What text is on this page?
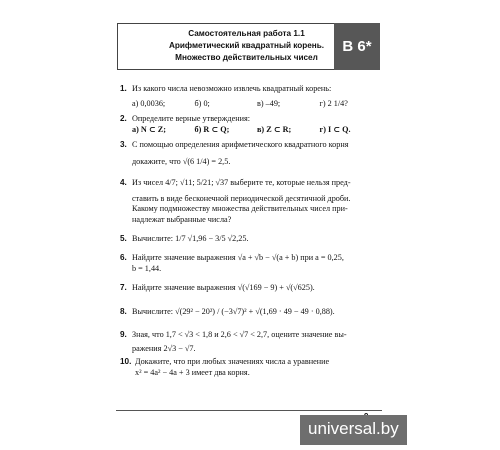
Самостоятельная работа 1.1
Арифметический квадратный корень.
Множество действительных чисел
В 6*
1. Из какого числа невозможно извлечь квадратный корень:
а) 0,0036;	б) 0;	в) –49;	г) 2 1/4?
2. Определите верные утверждения:
а) N ⊂ Z;	б) R ⊂ Q;	в) Z ⊂ R;	г) I ⊂ Q.
3. С помощью определения арифметического квадратного корня
докажите, что √(6 1/4) = 2,5.
4. Из чисел 4/7; √11; 5/21; √37 выберите те, которые нельзя пред-
ставить в виде бесконечной периодической десятичной дроби.
Какому подмножеству множества действительных чисел при-
надлежат выбранные числа?
5. Вычислите: 1/7 √1,96 − 3/5 √2,25.
6. Найдите значение выражения √a + √b − √(a + b) при a = 0,25,
b = 1,44.
7. Найдите значение выражения √(√169 − 9) + √(√625).
8. Вычислите: √(29² − 20²) / (−3√7)² + √(1,69 · 49 − 49 · 0,88).
9. Зная, что 1,7 < √3 < 1,8 и 2,6 < √7 < 2,7, оцените значение вы-
ражения 2√3 − √7.
10. Докажите, что при любых значениях числа a уравнение
x² = 4a² − 4a + 3 имеет два корня.
universal.by
